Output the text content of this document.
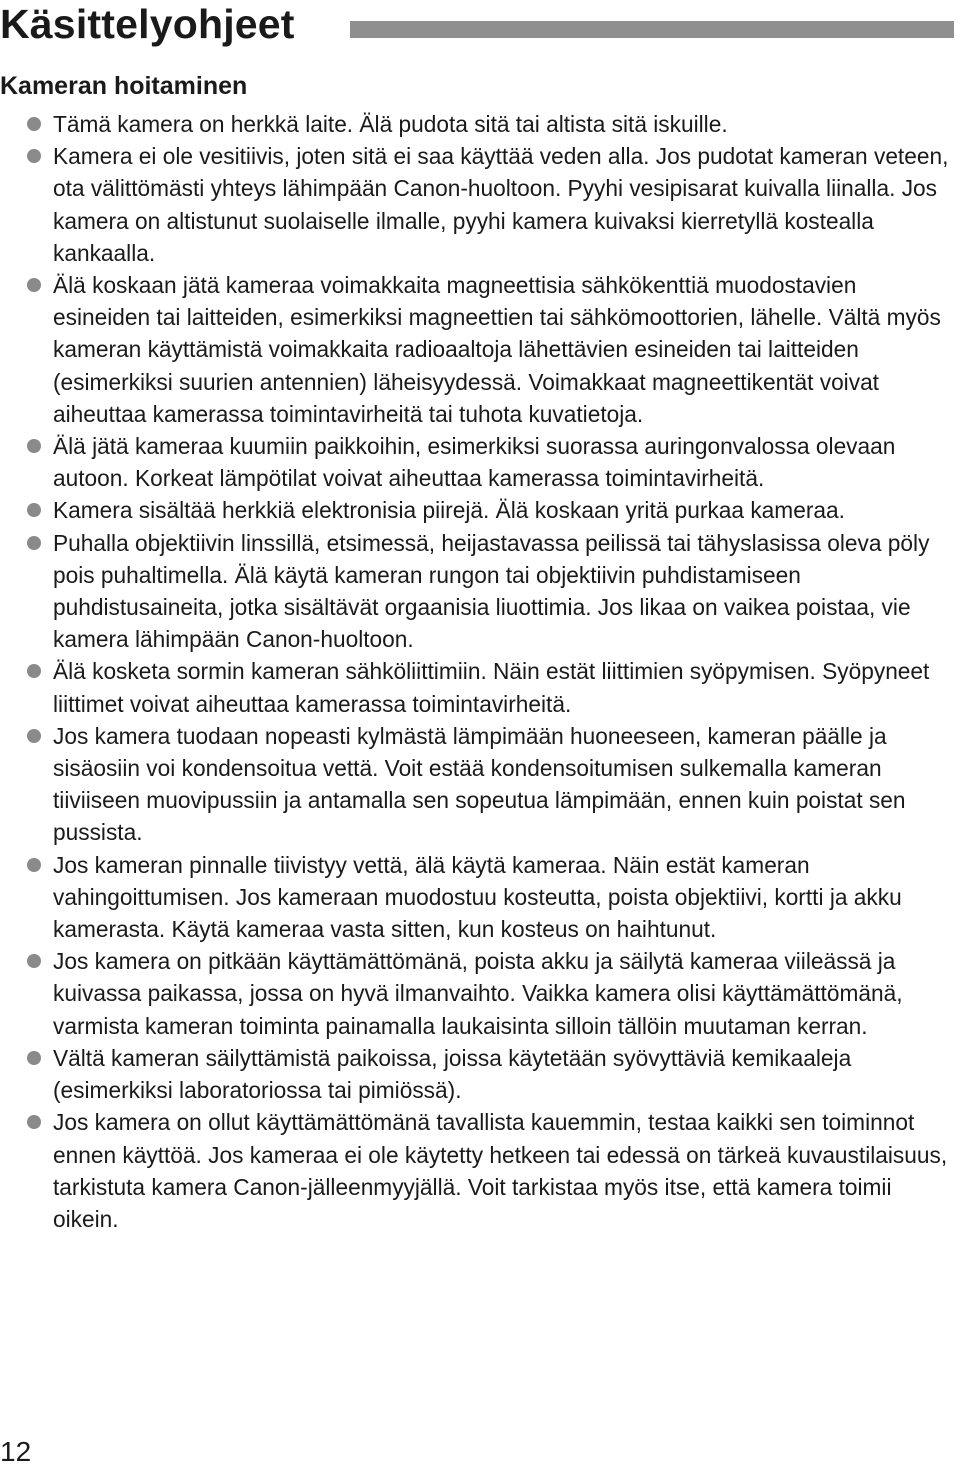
Käsittelyohjeet
Kameran hoitaminen
Tämä kamera on herkkä laite. Älä pudota sitä tai altista sitä iskuille.
Kamera ei ole vesitiivis, joten sitä ei saa käyttää veden alla. Jos pudotat kameran veteen, ota välittömästi yhteys lähimpään Canon-huoltoon. Pyyhi vesipisarat kuivalla liinalla. Jos kamera on altistunut suolaiselle ilmalle, pyyhi kamera kuivaksi kierretyllä kostealla kankaalla.
Älä koskaan jätä kameraa voimakkaita magneettisia sähkökenttiä muodostavien esineiden tai laitteiden, esimerkiksi magneettien tai sähkömoottorien, lähelle. Vältä myös kameran käyttämistä voimakkaita radioaaltoja lähettävien esineiden tai laitteiden (esimerkiksi suurien antennien) läheisyydessä. Voimakkaat magneettikentät voivat aiheuttaa kamerassa toimintavirheitä tai tuhota kuvatietoja.
Älä jätä kameraa kuumiin paikkoihin, esimerkiksi suorassa auringonvalossa olevaan autoon. Korkeat lämpötilat voivat aiheuttaa kamerassa toimintavirheitä.
Kamera sisältää herkkiä elektronisia piirejä. Älä koskaan yritä purkaa kameraa.
Puhalla objektiivin linssillä, etsimessä, heijastavassa peilissä tai tähyslasissa oleva pöly pois puhaltimella. Älä käytä kameran rungon tai objektiivin puhdistamiseen puhdistusaineita, jotka sisältävät orgaanisia liuottimia. Jos likaa on vaikea poistaa, vie kamera lähimpään Canon-huoltoon.
Älä kosketa sormin kameran sähköliittimiin. Näin estät liittimien syöpymisen. Syöpyneet liittimet voivat aiheuttaa kamerassa toimintavirheitä.
Jos kamera tuodaan nopeasti kylmästä lämpimään huoneeseen, kameran päälle ja sisäosiin voi kondensoitua vettä. Voit estää kondensoitumisen sulkemalla kameran tiiviiseen muovipussiin ja antamalla sen sopeutua lämpimään, ennen kuin poistat sen pussista.
Jos kameran pinnalle tiivistyy vettä, älä käytä kameraa. Näin estät kameran vahingoittumisen. Jos kameraan muodostuu kosteutta, poista objektiivi, kortti ja akku kamerasta. Käytä kameraa vasta sitten, kun kosteus on haihtunut.
Jos kamera on pitkään käyttämättömänä, poista akku ja säilytä kameraa viileässä ja kuivassa paikassa, jossa on hyvä ilmanvaihto. Vaikka kamera olisi käyttämättömänä, varmista kameran toiminta painamalla laukaisinta silloin tällöin muutaman kerran.
Vältä kameran säilyttämistä paikoissa, joissa käytetään syövyttäviä kemikaaleja (esimerkiksi laboratoriossa tai pimiössä).
Jos kamera on ollut käyttämättömänä tavallista kauemmin, testaa kaikki sen toiminnot ennen käyttöä. Jos kameraa ei ole käytetty hetkeen tai edessä on tärkeä kuvaustilaisuus, tarkistuta kamera Canon-jälleenmyyjällä. Voit tarkistaa myös itse, että kamera toimii oikein.
12
